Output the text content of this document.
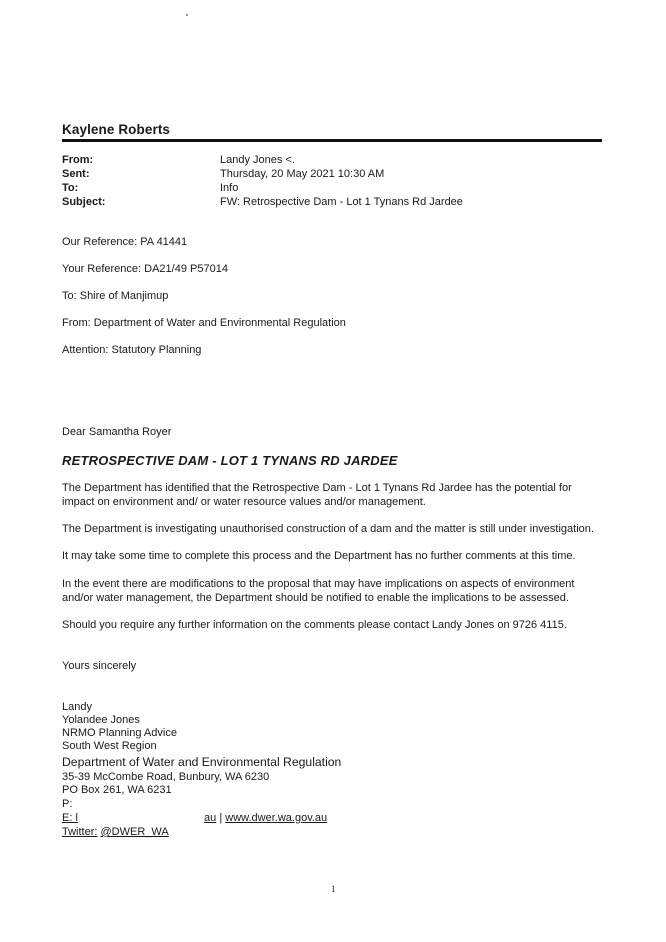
Kaylene Roberts
From:	Landy Jones <.
Sent:	Thursday, 20 May 2021 10:30 AM
To:	Info
Subject:	FW: Retrospective Dam - Lot 1 Tynans Rd Jardee
Our Reference: PA 41441
Your Reference: DA21/49 P57014
To: Shire of Manjimup
From: Department of Water and Environmental Regulation
Attention: Statutory Planning
Dear Samantha Royer
RETROSPECTIVE DAM - LOT 1 TYNANS RD JARDEE
The Department has identified that the Retrospective Dam - Lot 1 Tynans Rd Jardee has the potential for impact on environment and/ or water resource values and/or management.
The Department is investigating unauthorised construction of a dam and the matter is still under investigation.
It may take some time to complete this process and the Department has no further comments at this time.
In the event there are modifications to the proposal that may have implications on aspects of environment and/or water management, the Department should be notified to enable the implications to be assessed.
Should you require any further information on the comments please contact Landy Jones on 9726 4115.
Yours sincerely
Landy
Yolandee Jones
NRMO Planning Advice
South West Region
Department of Water and Environmental Regulation
35-39 McCombe Road, Bunbury, WA 6230
PO Box 261, WA 6231
P:
E: l	au | www.dwer.wa.gov.au
Twitter: @DWER_WA
1
